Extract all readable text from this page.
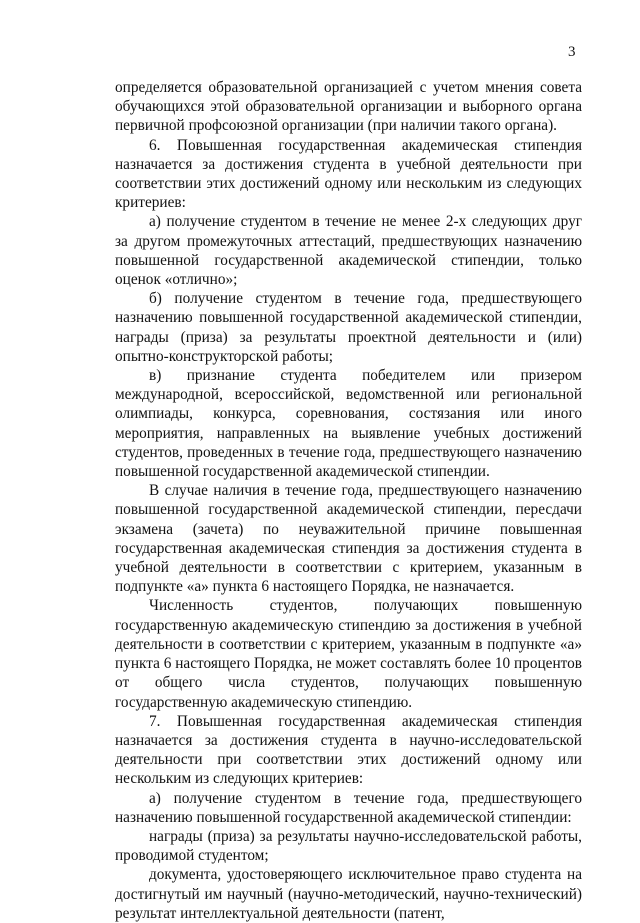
3

определяется образовательной организацией с учетом мнения совета обучающихся этой образовательной организации и выборного органа первичной профсоюзной организации (при наличии такого органа).

6. Повышенная государственная академическая стипендия назначается за достижения студента в учебной деятельности при соответствии этих достижений одному или нескольким из следующих критериев:

а) получение студентом в течение не менее 2-х следующих друг за другом промежуточных аттестаций, предшествующих назначению повышенной государственной академической стипендии, только оценок «отлично»;

б) получение студентом в течение года, предшествующего назначению повышенной государственной академической стипендии, награды (приза) за результаты проектной деятельности и (или) опытно-конструкторской работы;

в) признание студента победителем или призером международной, всероссийской, ведомственной или региональной олимпиады, конкурса, соревнования, состязания или иного мероприятия, направленных на выявление учебных достижений студентов, проведенных в течение года, предшествующего назначению повышенной государственной академической стипендии.

В случае наличия в течение года, предшествующего назначению повышенной государственной академической стипендии, пересдачи экзамена (зачета) по неуважительной причине повышенная государственная академическая стипендия за достижения студента в учебной деятельности в соответствии с критерием, указанным в подпункте «а» пункта 6 настоящего Порядка, не назначается.

Численность студентов, получающих повышенную государственную академическую стипендию за достижения в учебной деятельности в соответствии с критерием, указанным в подпункте «а» пункта 6 настоящего Порядка, не может составлять более 10 процентов от общего числа студентов, получающих повышенную государственную академическую стипендию.

7. Повышенная государственная академическая стипендия назначается за достижения студента в научно-исследовательской деятельности при соответствии этих достижений одному или нескольким из следующих критериев:

а) получение студентом в течение года, предшествующего назначению повышенной государственной академической стипендии:

награды (приза) за результаты научно-исследовательской работы, проводимой студентом;

документа, удостоверяющего исключительное право студента на достигнутый им научный (научно-методический, научно-технический) результат интеллектуальной деятельности (патент,
